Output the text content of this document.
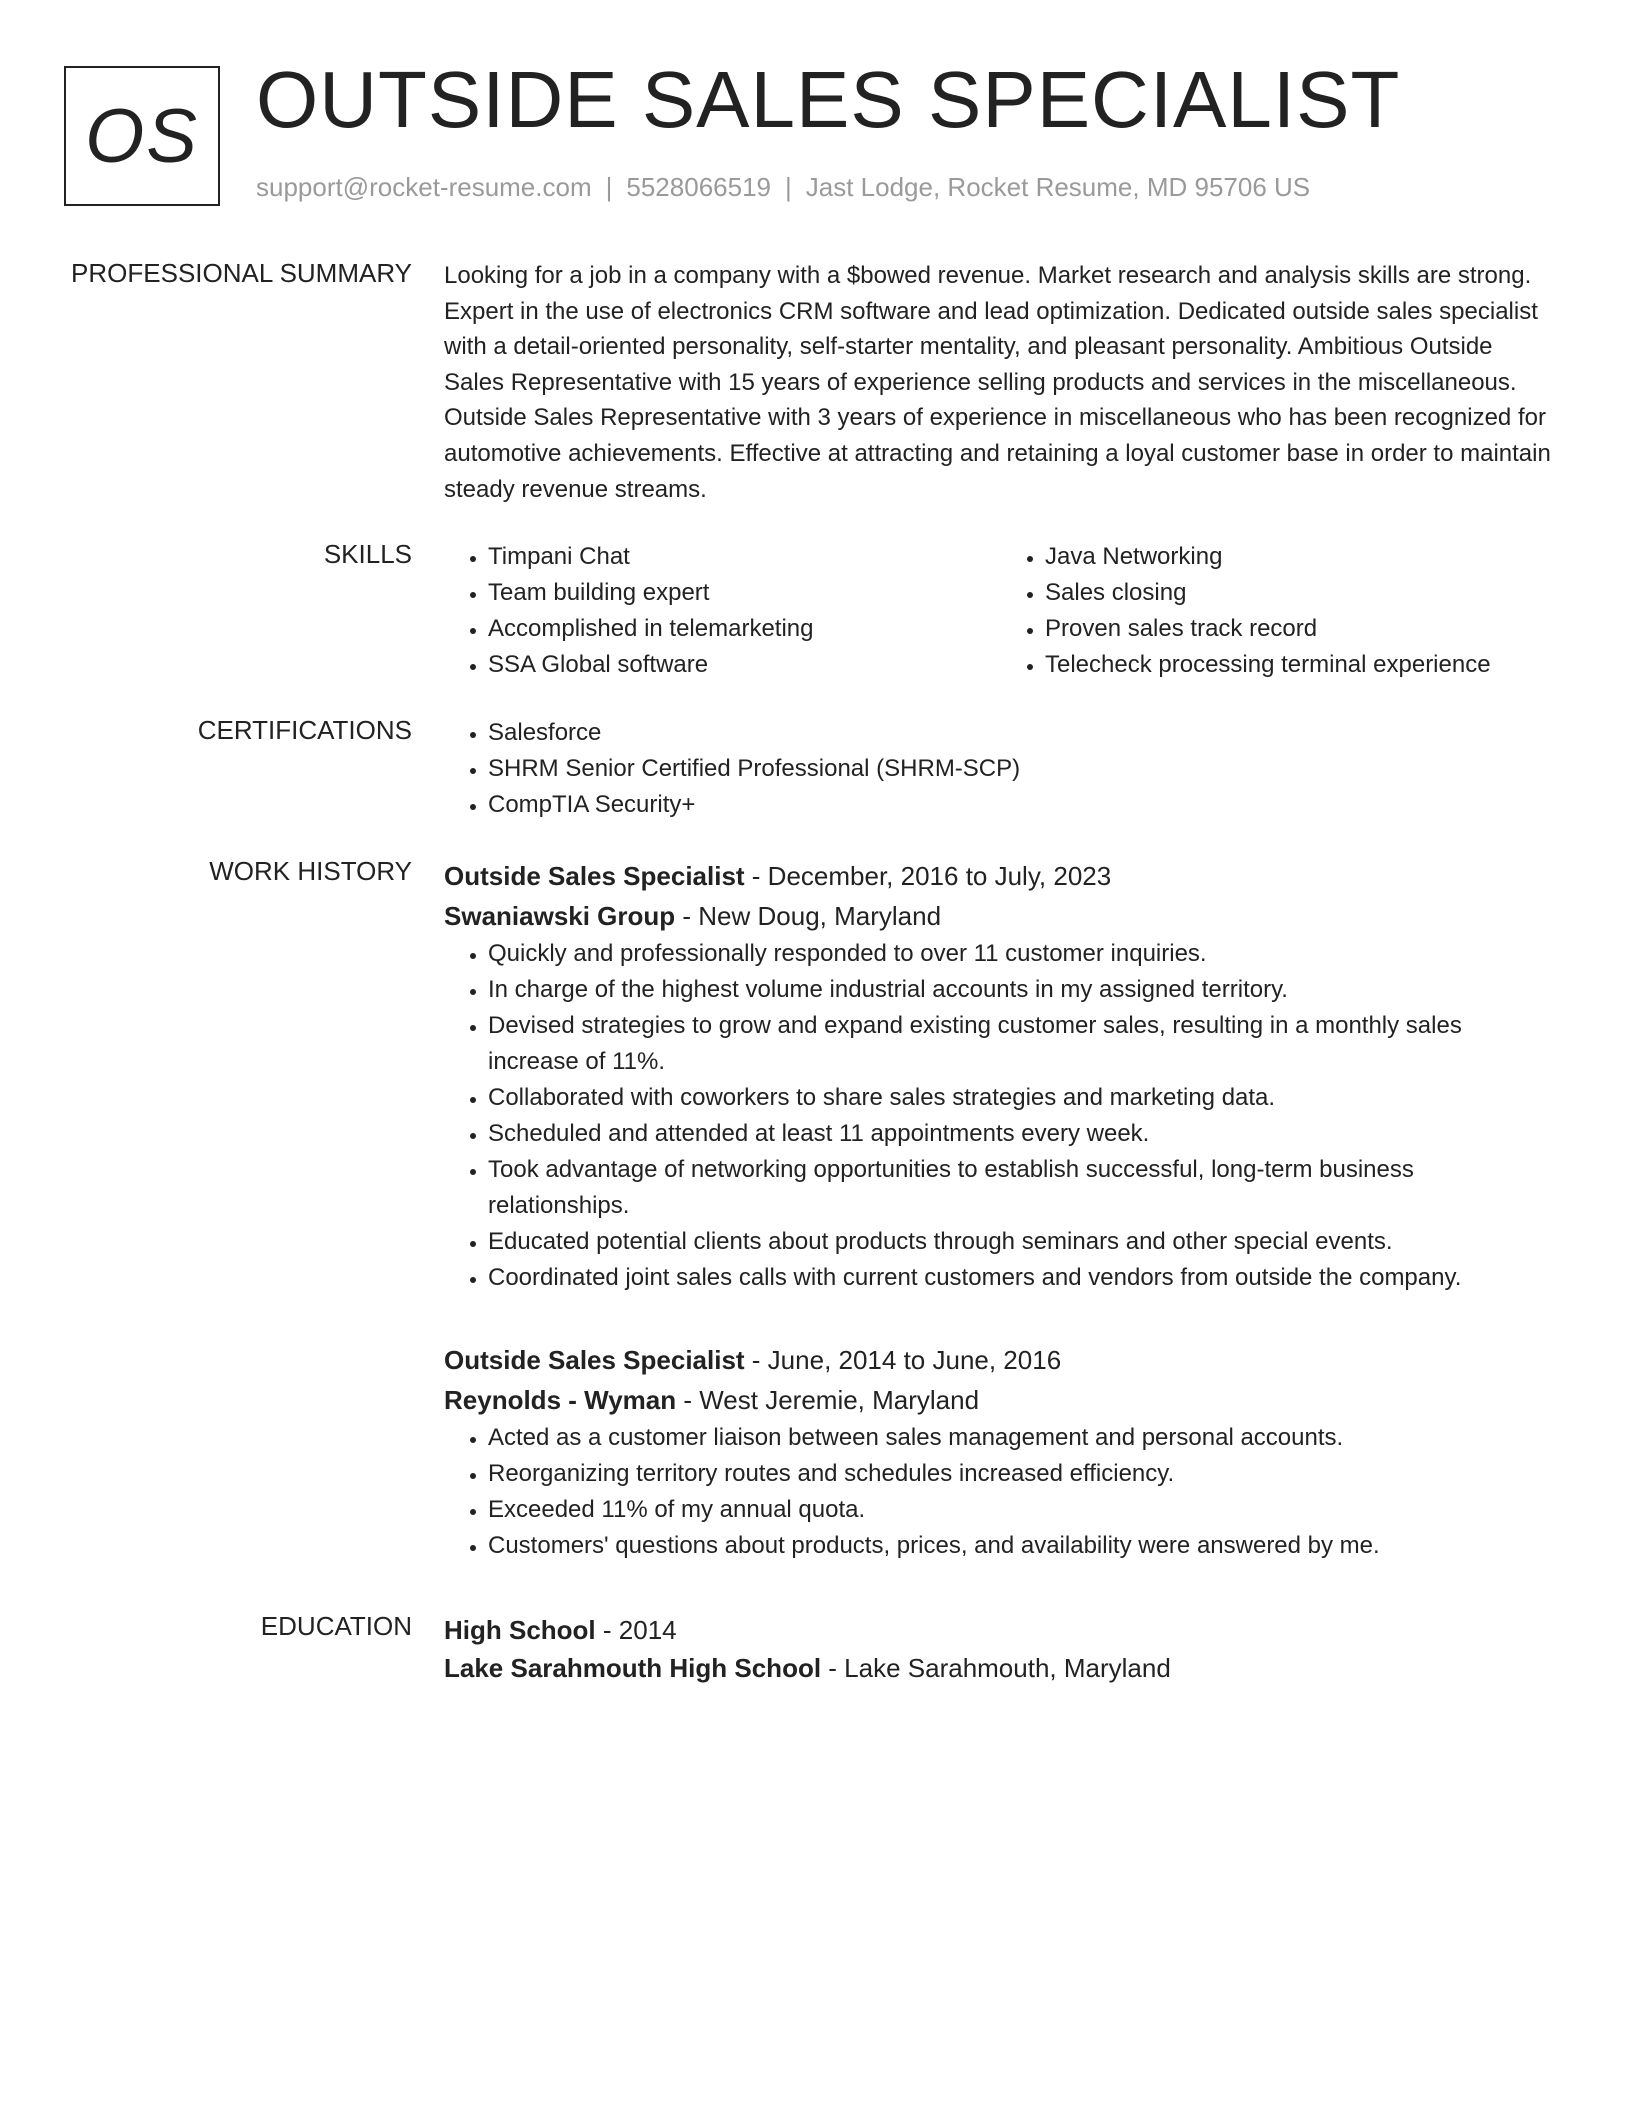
OS OUTSIDE SALES SPECIALIST
support@rocket-resume.com | 5528066519 | Jast Lodge, Rocket Resume, MD 95706 US
PROFESSIONAL SUMMARY Looking for a job in a company with a $bowed revenue. Market research and analysis skills are strong. Expert in the use of electronics CRM software and lead optimization. Dedicated outside sales specialist with a detail-oriented personality, self-starter mentality, and pleasant personality. Ambitious Outside Sales Representative with 15 years of experience selling products and services in the miscellaneous. Outside Sales Representative with 3 years of experience in miscellaneous who has been recognized for automotive achievements. Effective at attracting and retaining a loyal customer base in order to maintain steady revenue streams.

SKILLS	• Timpani Chat
• Team building expert
• Accomplished in telemarketing
• SSA Global software
• Java Networking
• Sales closing
• Proven sales track record
• Telecheck processing terminal experience
CERTIFICATIONS	• Salesforce
• SHRM Senior Certified Professional (SHRM-SCP)
• CompTIA Security+
WORK HISTORY Outside Sales Specialist - December, 2016 to July, 2023
Swaniawski Group - New Doug, Maryland
• Quickly and professionally responded to over 11 customer inquiries.
• In charge of the highest volume industrial accounts in my assigned territory.
• Devised strategies to grow and expand existing customer sales, resulting in a monthly sales increase of 11%.
• Collaborated with coworkers to share sales strategies and marketing data.
• Scheduled and attended at least 11 appointments every week.
• Took advantage of networking opportunities to establish successful, long-term business relationships.
• Educated potential clients about products through seminars and other special events.
• Coordinated joint sales calls with current customers and vendors from outside the company.
Outside Sales Specialist - June, 2014 to June, 2016
Reynolds - Wyman - West Jeremie, Maryland
• Acted as a customer liaison between sales management and personal accounts.
• Reorganizing territory routes and schedules increased efficiency.
• Exceeded 11% of my annual quota.
• Customers' questions about products, prices, and availability were answered by me.
EDUCATION High School - 2014
Lake Sarahmouth High School - Lake Sarahmouth, Maryland
